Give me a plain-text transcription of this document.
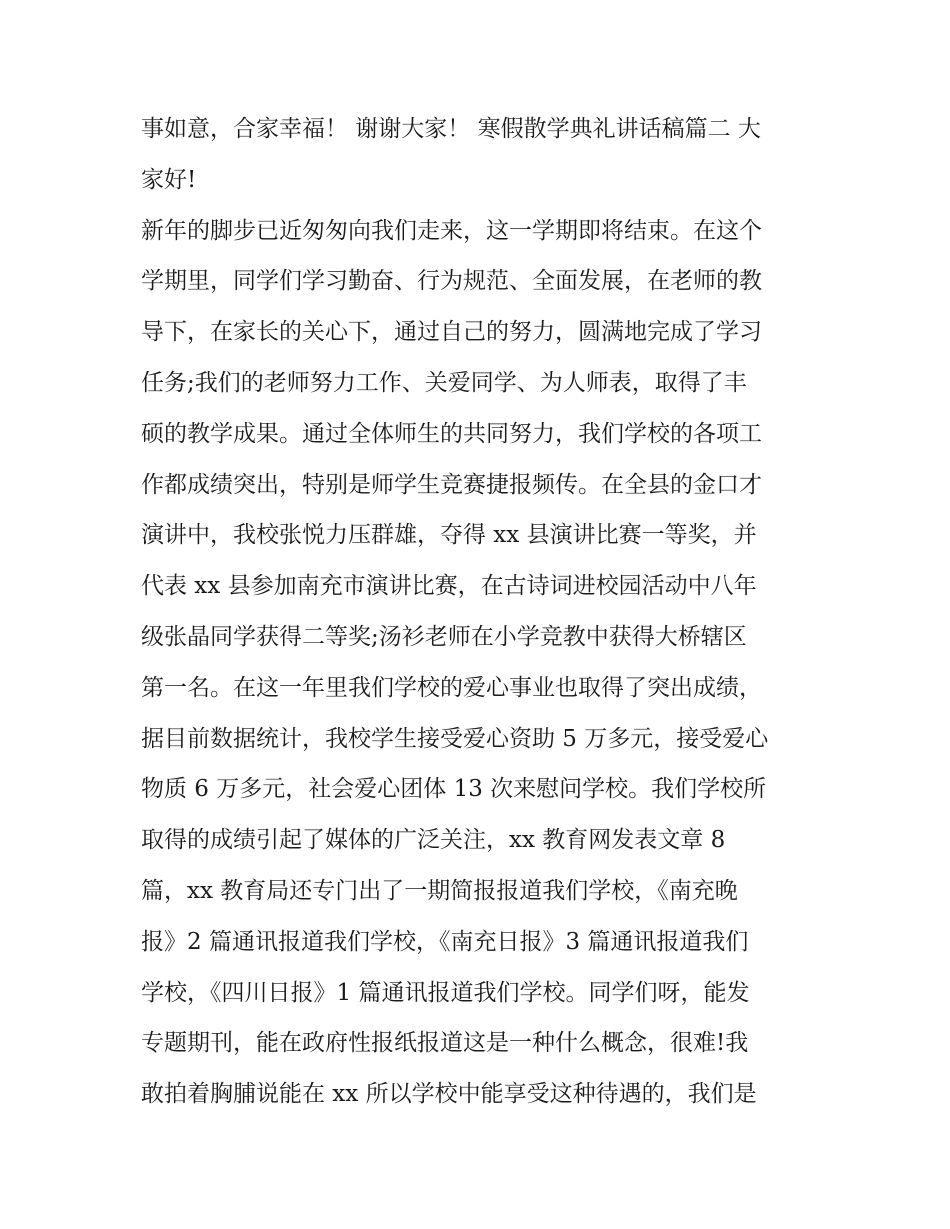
事如意，合家幸福！ 谢谢大家！ 寒假散学典礼讲话稿篇二 大
家好!
新年的脚步已近匆匆向我们走来，这一学期即将结束。在这个
学期里，同学们学习勤奋、行为规范、全面发展，在老师的教
导下，在家长的关心下，通过自己的努力，圆满地完成了学习
任务;我们的老师努力工作、关爱同学、为人师表，取得了丰
硕的教学成果。通过全体师生的共同努力，我们学校的各项工
作都成绩突出，特别是师学生竞赛捷报频传。在全县的金口才
演讲中，我校张悦力压群雄，夺得 xx 县演讲比赛一等奖，并
代表 xx 县参加南充市演讲比赛，在古诗词进校园活动中八年
级张晶同学获得二等奖;汤衫老师在小学竞教中获得大桥辖区
第一名。在这一年里我们学校的爱心事业也取得了突出成绩，
据目前数据统计，我校学生接受爱心资助 5 万多元，接受爱心
物质 6 万多元，社会爱心团体 13 次来慰问学校。我们学校所
取得的成绩引起了媒体的广泛关注，xx 教育网发表文章 8
篇，xx 教育局还专门出了一期简报报道我们学校，《南充晚
报》2 篇通讯报道我们学校，《南充日报》3 篇通讯报道我们
学校，《四川日报》1 篇通讯报道我们学校。同学们呀，能发
专题期刊，能在政府性报纸报道这是一种什么概念，很难!我
敢拍着胸脯说能在 xx 所以学校中能享受这种待遇的，我们是
